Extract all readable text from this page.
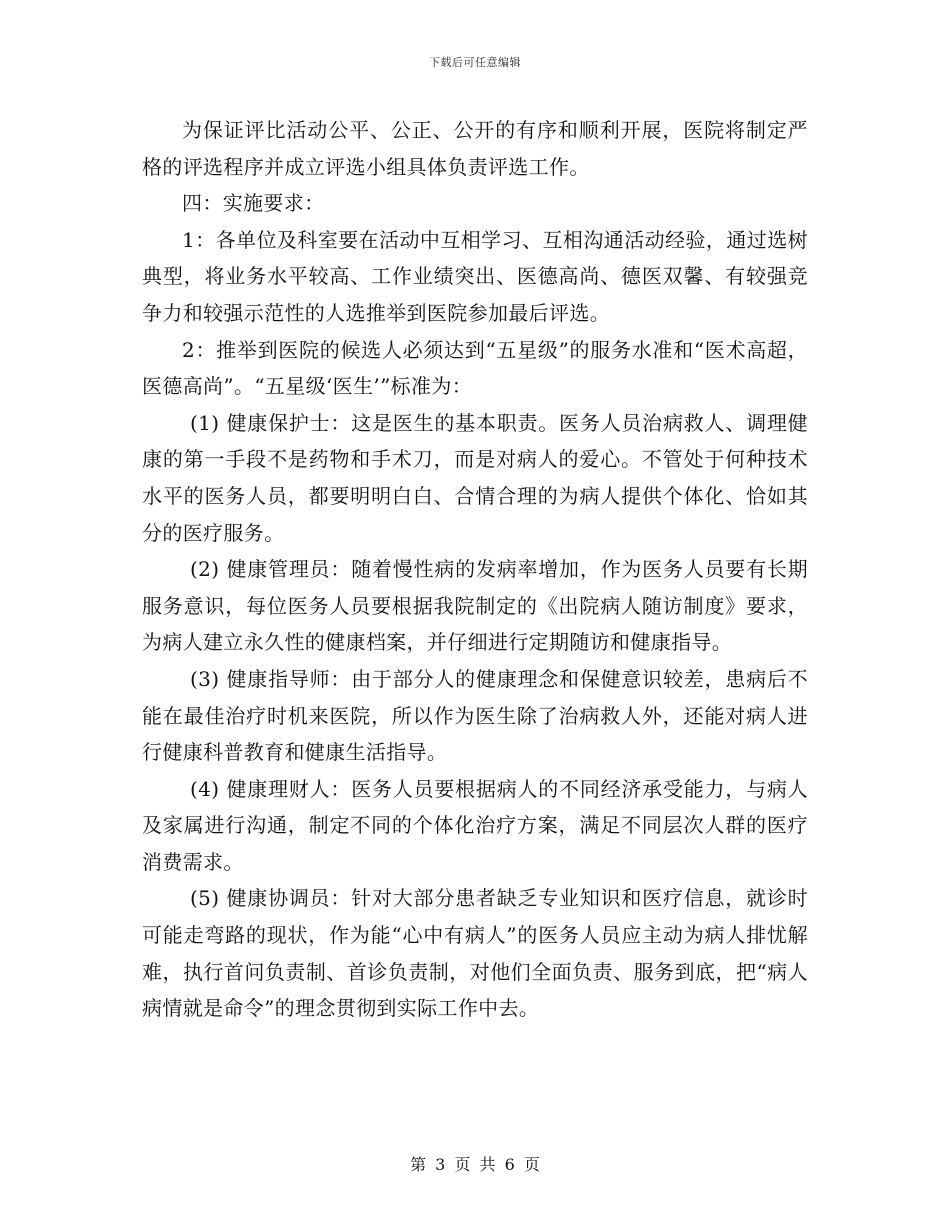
下载后可任意编辑

为保证评比活动公平、公正、公开的有序和顺利开展，医院将制定严格的评选程序并成立评选小组具体负责评选工作。

四：实施要求：

1：各单位及科室要在活动中互相学习、互相沟通活动经验，通过选树典型，将业务水平较高、工作业绩突出、医德高尚、德医双馨、有较强竞争力和较强示范性的人选推举到医院参加最后评选。

2：推举到医院的候选人必须达到“五星级”的服务水准和“医术高超，医德高尚”。“五星级‘医生’”标准为：

(1) 健康保护士：这是医生的基本职责。医务人员治病救人、调理健康的第一手段不是药物和手术刀，而是对病人的爱心。不管处于何种技术水平的医务人员，都要明明白白、合情合理的为病人提供个体化、恰如其分的医疗服务。

(2) 健康管理员：随着慢性病的发病率增加，作为医务人员要有长期服务意识，每位医务人员要根据我院制定的《出院病人随访制度》要求，为病人建立永久性的健康档案，并仔细进行定期随访和健康指导。

(3) 健康指导师：由于部分人的健康理念和保健意识较差，患病后不能在最佳治疗时机来医院，所以作为医生除了治病救人外，还能对病人进行健康科普教育和健康生活指导。

(4) 健康理财人：医务人员要根据病人的不同经济承受能力，与病人及家属进行沟通，制定不同的个体化治疗方案，满足不同层次人群的医疗消费需求。

(5) 健康协调员：针对大部分患者缺乏专业知识和医疗信息，就诊时可能走弯路的现状，作为能“心中有病人”的医务人员应主动为病人排忧解难，执行首问负责制、首诊负责制，对他们全面负责、服务到底，把“病人病情就是命令”的理念贯彻到实际工作中去。

第 3 页 共 6 页
